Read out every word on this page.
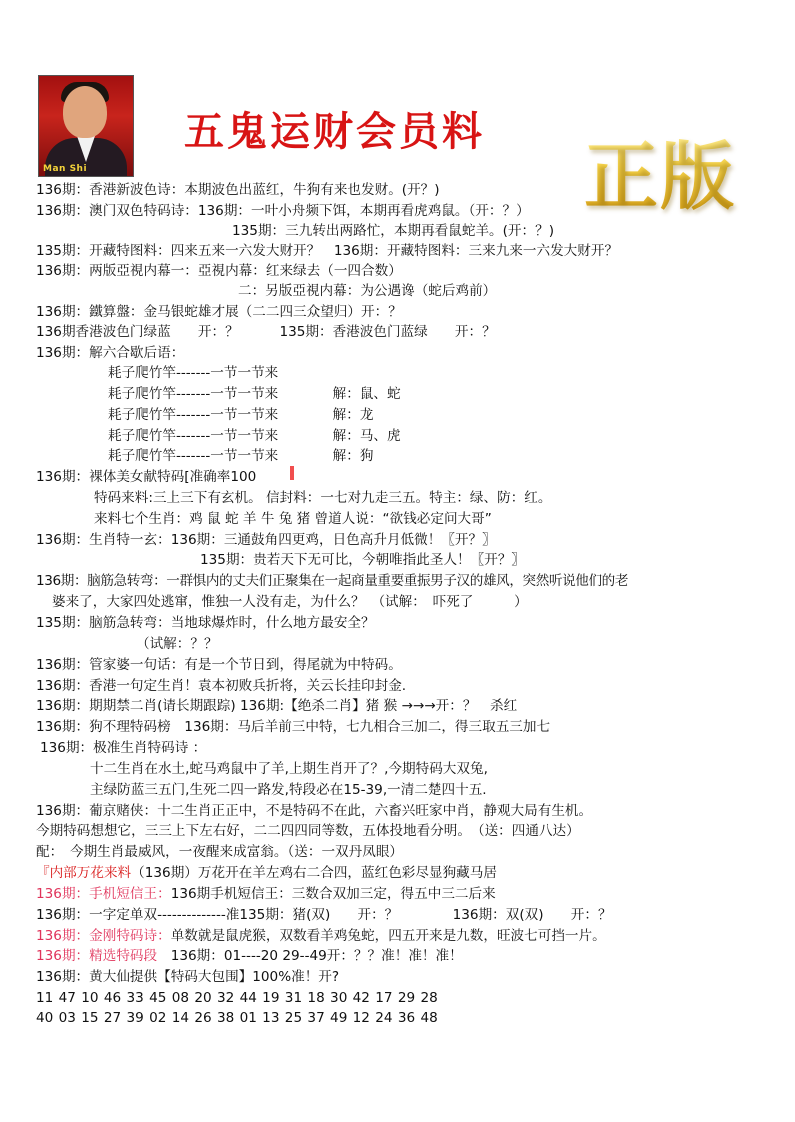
Man Shi
五鬼运财会员料
正版
136期：香港新波色诗：本期波色出蓝红，牛狗有来也发财。(开？)
136期：澳门双色特码诗：136期：一叶小舟频下饵，本期再看虎鸡鼠。（开：？）
135期：三九转出两路忙，本期再看鼠蛇羊。(开：？)
135期：开藏特图料：四来五来一六发大财开？　136期：开藏特图料：三来九来一六发大财开？
136期：两版亞視内幕一：亞視内幕：红来绿去（一四合数）
二：另版亞視内幕：为公遇谗（蛇后鸡前）
136期：鐵算盤：金马银蛇雄才展（二二四三众望归）开：？
136期香港波色门绿蓝　　开：？　　　135期：香港波色门蓝绿　　开：？
136期：解六合歇后语：
耗子爬竹竿-------一节一节来
耗子爬竹竿-------一节一节来　　　　解：鼠、蛇
耗子爬竹竿-------一节一节来　　　　解：龙
耗子爬竹竿-------一节一节来　　　　解：马、虎
耗子爬竹竿-------一节一节来　　　　解：狗
136期：裸体美女献特码[准确率100
特码来料:三上三下有玄机。 信封料：一七对九走三五。特主：绿、防：红。
来料七个生肖：鸡 鼠 蛇 羊 牛 兔 猪 曾道人说：“欲钱必定问大哥”
136期：生肖特一玄：136期：三通鼓角四更鸡，日色高升月低微！〖开？〗
135期：贵若天下无可比，今朝唯指此圣人！〖开？〗
136期：脑筋急转弯：一群惧内的丈夫们正聚集在一起商量重要重振男子汉的雄风，突然听说他们的老
婆来了，大家四处逃窜，惟独一人没有走，为什么？　（试解：　吓死了　　　）
135期：脑筋急转弯：当地球爆炸时，什么地方最安全？
（试解：？？
136期：管家婆一句话：有是一个节日到，得尾就为中特码。
136期：香港一句定生肖！袁本初败兵折将，关云长挂印封金.
136期：期期禁二肖(请长期跟踪) 136期:【绝杀二肖】猪 猴 →→→开：？　杀红
136期：狗不理特码榜　136期：马后羊前三中特，七九相合三加二，得三取五三加七
136期：极准生肖特码诗 ：
十二生肖在水土,蛇马鸡鼠中了羊,上期生肖开了？,今期特码大双兔,
主绿防蓝三五门,生死二四一路发,特段必在15-39,一清二楚四十五.
136期：葡京赌侠：十二生肖正正中，不是特码不在此，六畜兴旺家中肖，静观大局有生机。
今期特码想想它，三三上下左右好，二二四四同等数，五体投地看分明。　（送：四通八达）
配：　今期生肖最威风，一夜醒来成富翁。（送：一双丹凤眼）
『内部万花来料（136期）万花开在羊左鸡右二合四，蓝红色彩尽显狗藏马居
136期：手机短信王：136期手机短信王：三数合双加三定，得五中三二后来
136期：一字定单双--------------准135期：猪(双)　　开：？　　　　136期：双(双)　　开：？
136期：金刚特码诗：单数就是鼠虎猴，双数看羊鸡兔蛇，四五开来是九数，旺波七可挡一片。
136期：精选特码段　136期：01----20 29--49开：？？准！准！准！
136期：黄大仙提供【特码大包围】100%准！开?
11 47 10 46 33 45 08 20 32 44 19 31 18 30 42 17 29 28
40 03 15 27 39 02 14 26 38 01 13 25 37 49 12 24 36 48
